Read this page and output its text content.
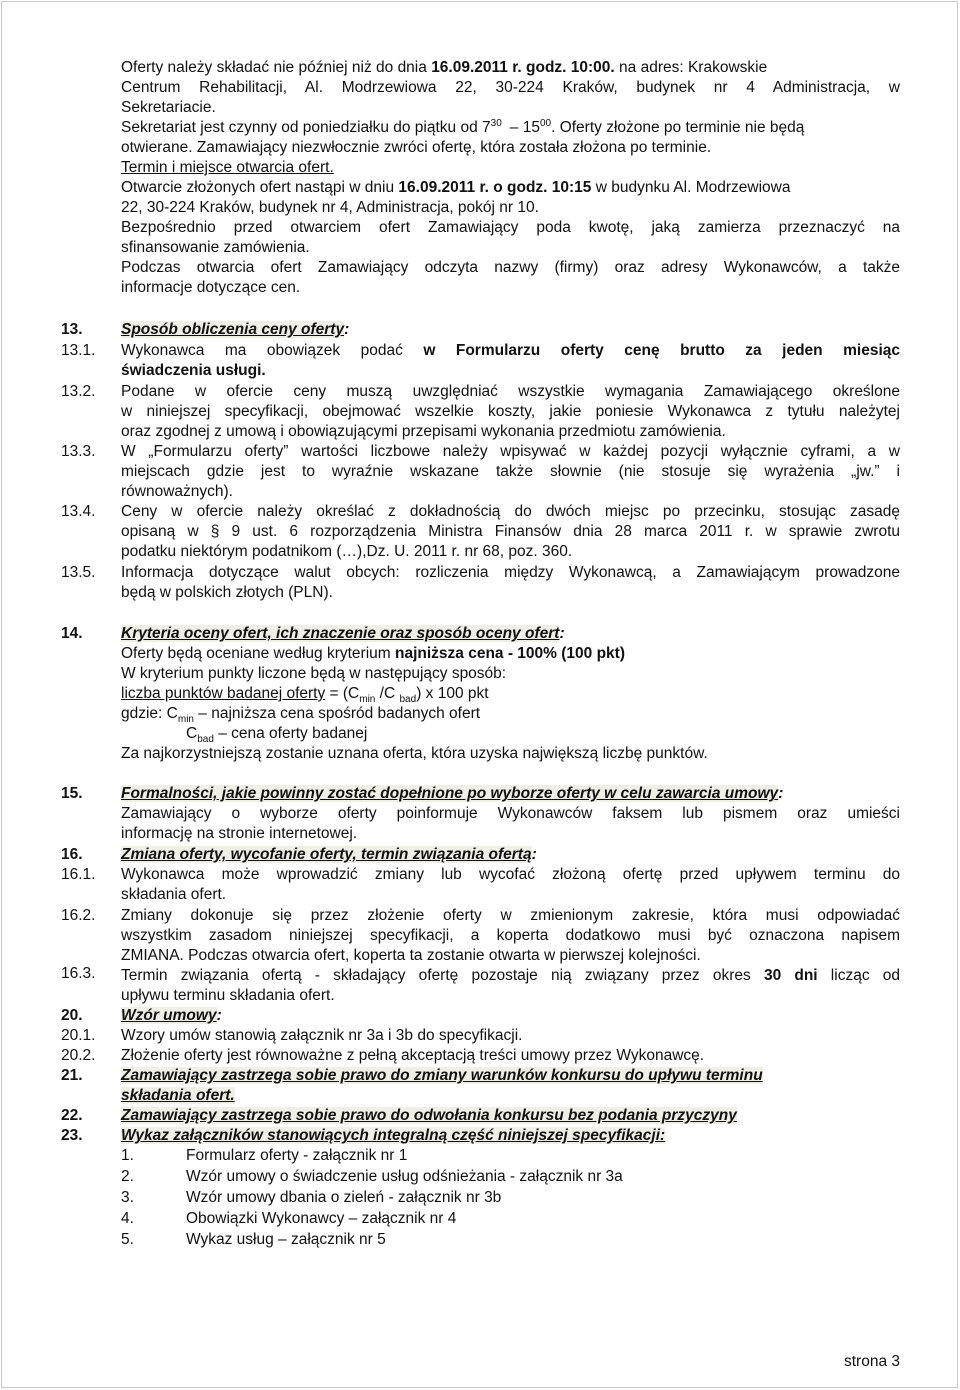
Oferty należy składać nie później niż do dnia 16.09.2011 r. godz. 10:00. na adres: Krakowskie
Centrum Rehabilitacji, Al. Modrzewiowa 22, 30-224 Kraków, budynek nr 4 Administracja, w
Sekretariacie.
Sekretariat jest czynny od poniedziałku do piątku od $7^{30} - 15^{00}$. Oferty złożone po terminie nie będą
otwierane. Zamawiający niezwłocznie zwróci ofertę, która została złożona po terminie.
Termin i miejsce otwarcia ofert.
Otwarcie złożonych ofert nastąpi w dniu 16.09.2011 r. o godz. 10:15 w budynku Al. Modrzewiowa
22, 30-224 Kraków, budynek nr 4, Administracja, pokój nr 10.
Bezpośrednio przed otwarciem ofert Zamawiający poda kwotę, jaką zamierza przeznaczyć na
sfinansowanie zamówienia.
Podczas otwarcia ofert Zamawiający odczyta nazwy (firmy) oraz adresy Wykonawców, a także
informacje dotyczące cen.
13. Sposób obliczenia ceny oferty:
13.1. Wykonawca ma obowiązek podać w Formularzu oferty cenę brutto za jeden miesiąc
świadczenia usługi.
13.2. Podane w ofercie ceny muszą uwzględniać wszystkie wymagania Zamawiającego określone
w niniejszej specyfikacji, obejmować wszelkie koszty, jakie poniesie Wykonawca z tytułu należytej
oraz zgodnej z umową i obowiązującymi przepisami wykonania przedmiotu zamówienia.
13.3. W „Formularzu oferty” wartości liczbowe należy wpisywać w każdej pozycji wyłącznie cyframi, a w
miejscach gdzie jest to wyraźnie wskazane także słownie (nie stosuje się wyrażenia „jw.” i
równoważnych).
13.4. Ceny w ofercie należy określać z dokładnością do dwóch miejsc po przecinku, stosując zasadę
opisaną w § 9 ust. 6 rozporządzenia Ministra Finansów dnia 28 marca 2011 r. w sprawie zwrotu
podatku niektórym podatnikom (…),Dz. U. 2011 r. nr 68, poz. 360.
13.5. Informacja dotyczące walut obcych: rozliczenia między Wykonawcą, a Zamawiającym prowadzone
będą w polskich złotych (PLN).
14. Kryteria oceny ofert, ich znaczenie oraz sposób oceny ofert:
Oferty będą oceniane według kryterium najniższa cena - 100% (100 pkt)
W kryterium punkty liczone będą w następujący sposób:
liczba punktów badanej oferty = ($C_{min}$ /C $_{bad}$) x 100 pkt
gdzie: $C_{min}$ – najniższa cena spośród badanych ofert
$C_{bad}$ – cena oferty badanej
Za najkorzystniejszą zostanie uznana oferta, która uzyska największą liczbę punktów.
15. Formalności, jakie powinny zostać dopełnione po wyborze oferty w celu zawarcia umowy:
Zamawiający o wyborze oferty poinformuje Wykonawców faksem lub pismem oraz umieści
informację na stronie internetowej.
16. Zmiana oferty, wycofanie oferty, termin związania ofertą:
16.1. Wykonawca może wprowadzić zmiany lub wycofać złożoną ofertę przed upływem terminu do
składania ofert.
16.2. Zmiany dokonuje się przez złożenie oferty w zmienionym zakresie, która musi odpowiadać
wszystkim zasadom niniejszej specyfikacji, a koperta dodatkowo musi być oznaczona napisem
ZMIANA. Podczas otwarcia ofert, koperta ta zostanie otwarta w pierwszej kolejności.
16.3. Termin związania ofertą - składający ofertę pozostaje nią związany przez okres 30 dni licząc od
upływu terminu składania ofert.
20. Wzór umowy:
20.1. Wzory umów stanowią załącznik nr 3a i 3b do specyfikacji.
20.2. Złożenie oferty jest równoważne z pełną akceptacją treści umowy przez Wykonawcę.
21. Zamawiający zastrzega sobie prawo do zmiany warunków konkursu do upływu terminu
składania ofert.
22. Zamawiający zastrzega sobie prawo do odwołania konkursu bez podania przyczyny
23. Wykaz załączników stanowiących integralną część niniejszej specyfikacji:
1.	Formularz oferty - załącznik nr 1
2.	Wzór umowy o świadczenie usług odśnieżania - załącznik nr 3a
3.	Wzór umowy dbania o zieleń - załącznik nr 3b
4.	Obowiązki Wykonawcy – załącznik nr 4
5.	Wykaz usług – załącznik nr 5
strona 3
